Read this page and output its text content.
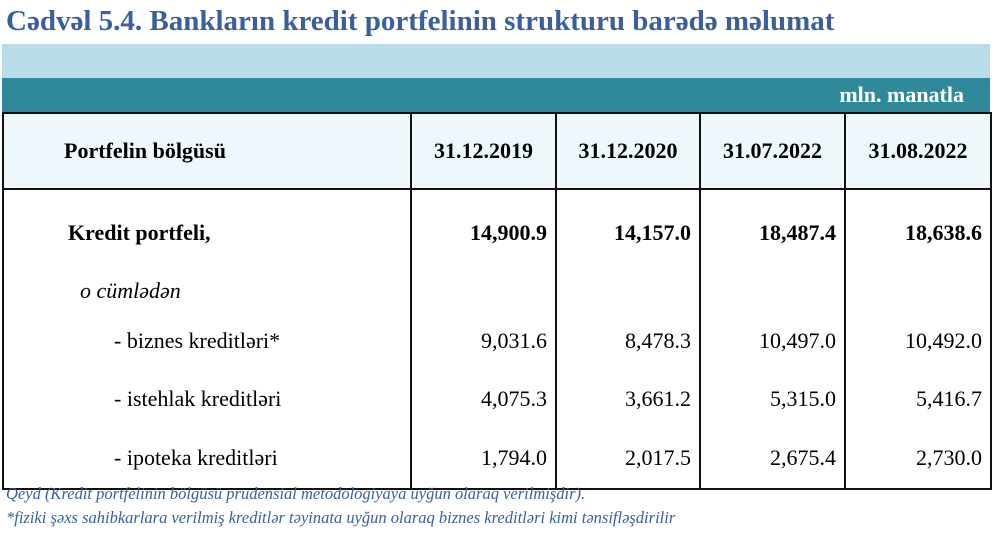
Cədvəl 5.4. Bankların kredit portfelinin strukturu barədə məlumat
mln. manatla
Portfelin bölgüsü	31.12.2019	31.12.2020	31.07.2022	31.08.2022
Kredit portfeli,	14,900.9	14,157.0	18,487.4	18,638.6
o cümlədən				
- biznes kreditləri*	9,031.6	8,478.3	10,497.0	10,492.0
- istehlak kreditləri	4,075.3	3,661.2	5,315.0	5,416.7
- ipoteka kreditləri	1,794.0	2,017.5	2,675.4	2,730.0
Qeyd (Kredit portfelinin bölgüsü prudensial metodologiyaya uyğun olaraq verilmişdir).
*fiziki şəxs sahibkarlara verilmiş kreditlər təyinata uyğun olaraq biznes kreditləri kimi tənsifləşdirilir
